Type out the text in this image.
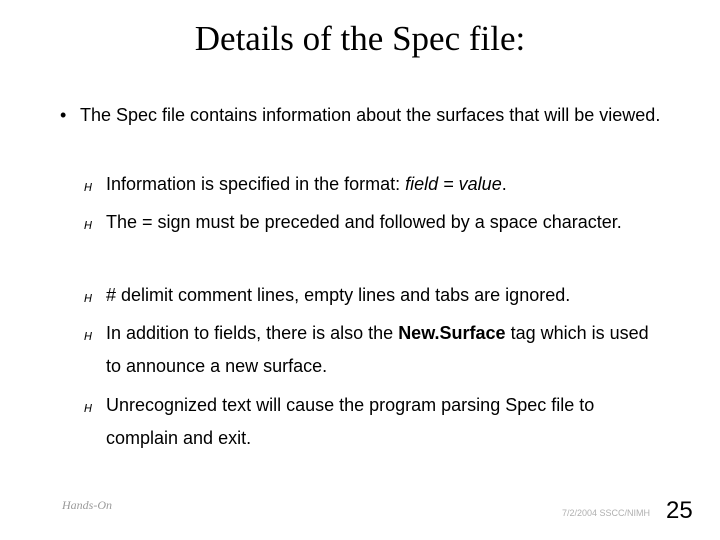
Details of the Spec file:
• The Spec file contains information about the surfaces that will be viewed.
H Information is specified in the format: field = value.
H The = sign must be preceded and followed by a space character.
H # delimit comment lines, empty lines and tabs are ignored.
H In addition to fields, there is also the New.Surface tag which is used to announce a new surface.
H Unrecognized text will cause the program parsing Spec file to complain and exit.
Hands-On
7/2/2004 SSCC/NIMH 25
